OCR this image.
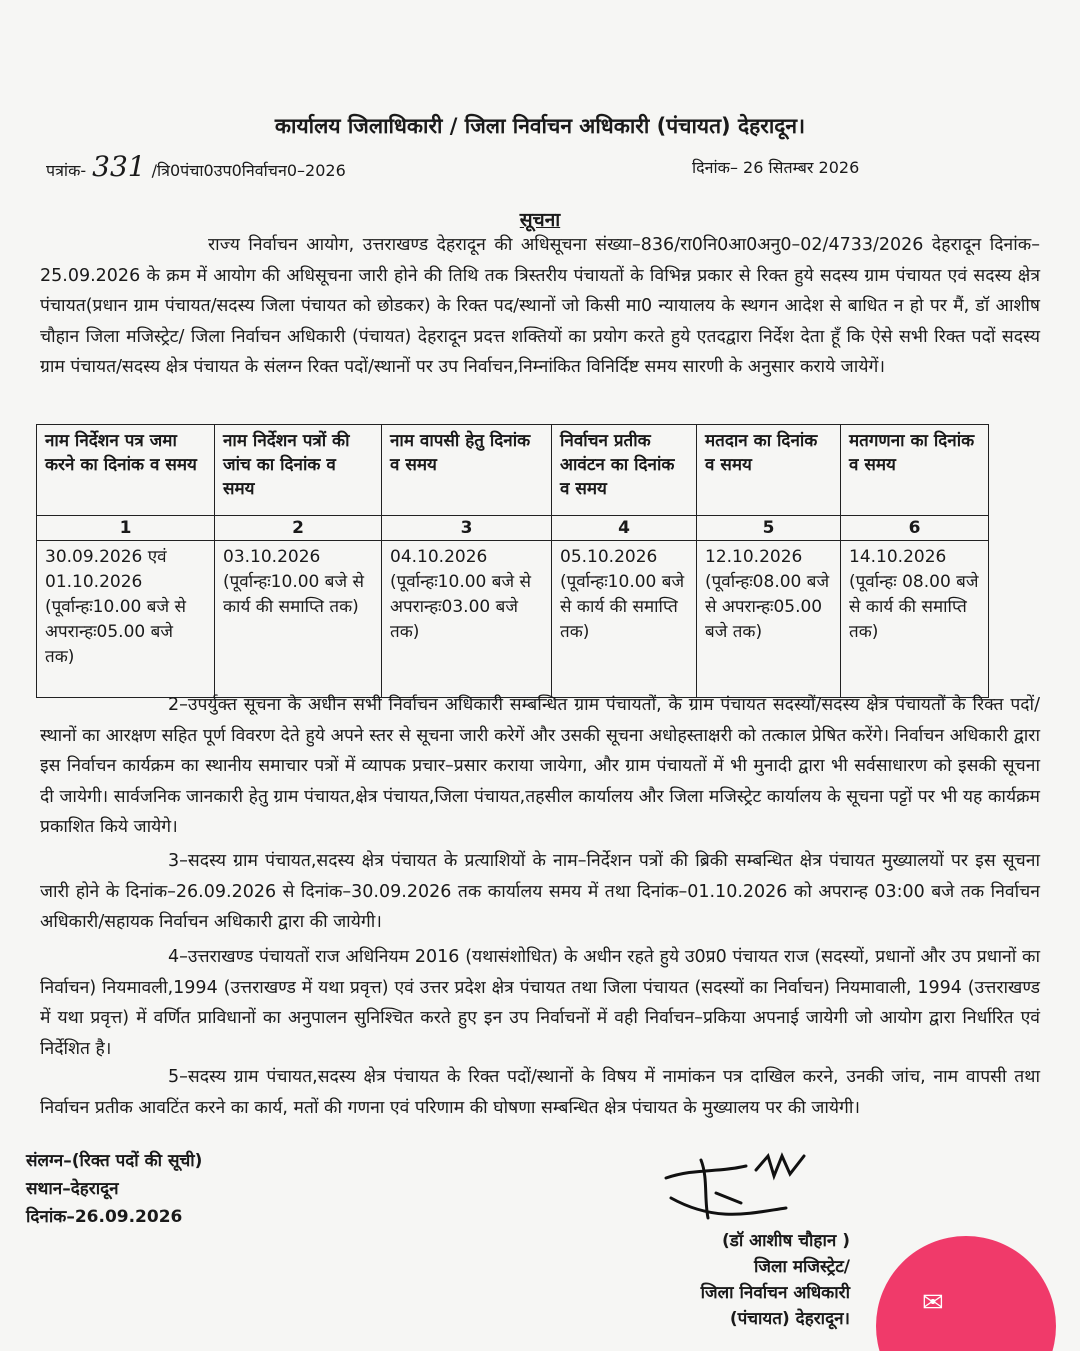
कार्यालय जिलाधिकारी / जिला निर्वाचन अधिकारी (पंचायत) देहरादून।
पत्रांक- 331 /त्रि0पंचा0उप0निर्वाचन0–2026	दिनांक– 26 सितम्बर 2026
सूचना

राज्य निर्वाचन आयोग, उत्तराखण्ड देहरादून की अधिसूचना संख्या–836/रा0नि0आ0अनु0–02/4733/2026 देहरादून दिनांक–25.09.2026 के क्रम में आयोग की अधिसूचना जारी होने की तिथि तक त्रिस्तरीय पंचायतों के विभिन्न प्रकार से रिक्त हुये सदस्य ग्राम पंचायत एवं सदस्य क्षेत्र पंचायत(प्रधान ग्राम पंचायत/सदस्य जिला पंचायत को छोडकर) के रिक्त पद/स्थानों जो किसी मा0 न्यायालय के स्थगन आदेश से बाधित न हो पर मैं, डॉ आशीष चौहान जिला मजिस्ट्रेट/ जिला निर्वाचन अधिकारी (पंचायत) देहरादून प्रदत्त शक्तियों का प्रयोग करते हुये एतदद्वारा निर्देश देता हूँ कि ऐसे सभी रिक्त पदों सदस्य ग्राम पंचायत/सदस्य क्षेत्र पंचायत के संलग्न रिक्त पदों/स्थानों पर उप निर्वाचन,निम्नांकित विनिर्दिष्ट समय सारणी के अनुसार कराये जायेगें।

नाम निर्देशन पत्र जमा करने का दिनांक व समय	नाम निर्देशन पत्रों की जांच का दिनांक व समय	नाम वापसी हेतु दिनांक व समय	निर्वाचन प्रतीक आवंटन का दिनांक व समय	मतदान का दिनांक व समय	मतगणना का दिनांक व समय
1	2	3	4	5	6
30.09.2026 एवं 01.10.2026 (पूर्वान्हः10.00 बजे से अपरान्हः05.00 बजे तक)	03.10.2026 (पूर्वान्हः10.00 बजे से कार्य की समाप्ति तक)	04.10.2026 (पूर्वान्हः10.00 बजे से अपरान्हः03.00 बजे तक)	05.10.2026 (पूर्वान्हः10.00 बजे से कार्य की समाप्ति तक)	12.10.2026 (पूर्वान्हः08.00 बजे से अपरान्हः05.00 बजे तक)	14.10.2026 (पूर्वान्हः 08.00 बजे से कार्य की समाप्ति तक)

2–उपर्युक्त सूचना के अधीन सभी निर्वाचन अधिकारी सम्बन्धित ग्राम पंचायतों, के ग्राम पंचायत सदस्यों/सदस्य क्षेत्र पंचायतों के रिक्त पदों/स्थानों का आरक्षण सहित पूर्ण विवरण देते हुये अपने स्तर से सूचना जारी करेगें और उसकी सूचना अधोहस्ताक्षरी को तत्काल प्रेषित करेंगे। निर्वाचन अधिकारी द्वारा इस निर्वाचन कार्यक्रम का स्थानीय समाचार पत्रों में व्यापक प्रचार–प्रसार कराया जायेगा, और ग्राम पंचायतों में भी मुनादी द्वारा भी सर्वसाधारण को इसकी सूचना दी जायेगी। सार्वजनिक जानकारी हेतु ग्राम पंचायत,क्षेत्र पंचायत,जिला पंचायत,तहसील कार्यालय और जिला मजिस्ट्रेट कार्यालय के सूचना पट्टों पर भी यह कार्यक्रम प्रकाशित किये जायेगे।

3–सदस्य ग्राम पंचायत,सदस्य क्षेत्र पंचायत के प्रत्याशियों के नाम–निर्देशन पत्रों की ब्रिकी सम्बन्धित क्षेत्र पंचायत मुख्यालयों पर इस सूचना जारी होने के दिनांक–26.09.2026 से दिनांक–30.09.2026 तक कार्यालय समय में तथा दिनांक–01.10.2026 को अपरान्ह 03:00 बजे तक निर्वाचन अधिकारी/सहायक निर्वाचन अधिकारी द्वारा की जायेगी।

4–उत्तराखण्ड पंचायतों राज अधिनियम 2016 (यथासंशोधित) के अधीन रहते हुये उ0प्र0 पंचायत राज (सदस्यों, प्रधानों और उप प्रधानों का निर्वाचन) नियमावली,1994 (उत्तराखण्ड में यथा प्रवृत्त) एवं उत्तर प्रदेश क्षेत्र पंचायत तथा जिला पंचायत (सदस्यों का निर्वाचन) नियमावाली, 1994 (उत्तराखण्ड में यथा प्रवृत्त) में वर्णित प्राविधानों का अनुपालन सुनिश्चित करते हुए इन उप निर्वाचनों में वही निर्वाचन–प्रकिया अपनाई जायेगी जो आयोग द्वारा निर्धारित एवं निर्देशित है।

5–सदस्य ग्राम पंचायत,सदस्य क्षेत्र पंचायत के रिक्त पदों/स्थानों के विषय में नामांकन पत्र दाखिल करने, उनकी जांच, नाम वापसी तथा निर्वाचन प्रतीक आवटिंत करने का कार्य, मतों की गणना एवं परिणाम की घोषणा सम्बन्धित क्षेत्र पंचायत के मुख्यालय पर की जायेगी।

संलग्न–(रिक्त पदों की सूची)
सथान–देहरादून
दिनांक–26.09.2026
(डॉ आशीष चौहान )
जिला मजिस्ट्रेट/
जिला निर्वाचन अधिकारी
(पंचायत) देहरादून।
✉
